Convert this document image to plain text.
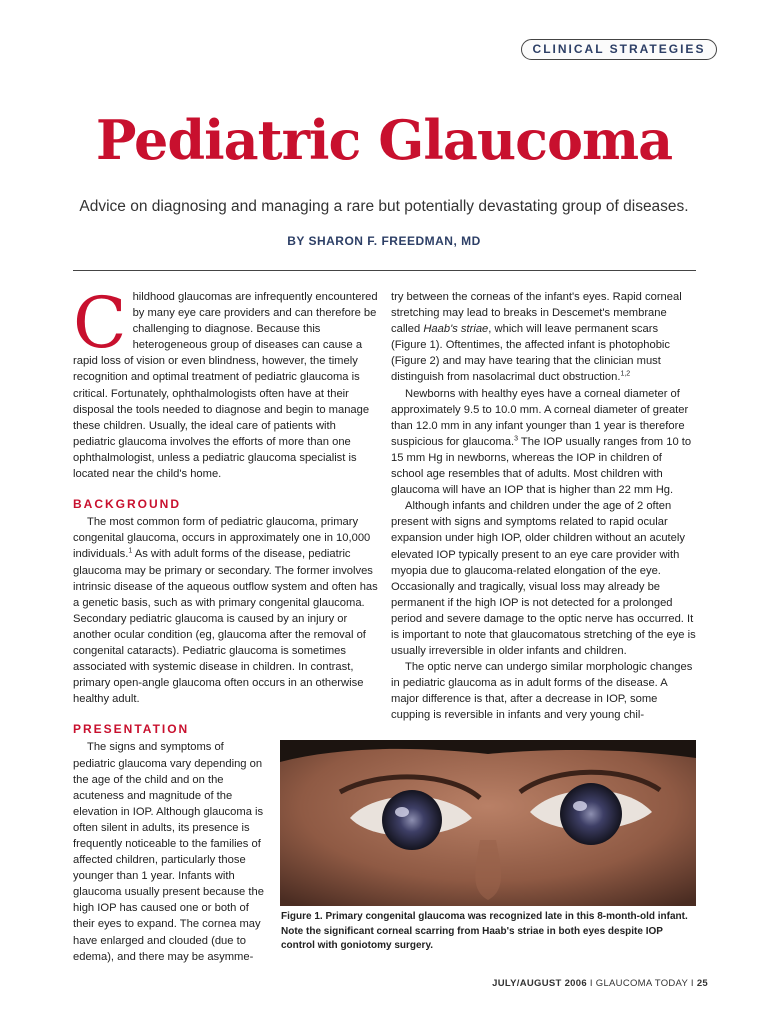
CLINICAL STRATEGIES
Pediatric Glaucoma
Advice on diagnosing and managing a rare but potentially devastating group of diseases.
BY SHARON F. FREEDMAN, MD

Childhood glaucomas are infrequently encountered by many eye care providers and can therefore be challenging to diagnose. Because this heterogeneous group of diseases can cause a rapid loss of vision or even blindness, however, the timely recognition and optimal treatment of pediatric glaucoma is critical. Fortunately, ophthalmologists often have at their disposal the tools needed to diagnose and begin to manage these children. Usually, the ideal care of patients with pediatric glaucoma involves the efforts of more than one ophthalmologist, unless a pediatric glaucoma specialist is located near the child's home.

BACKGROUND

The most common form of pediatric glaucoma, primary congenital glaucoma, occurs in approximately one in 10,000 individuals.$^1$ As with adult forms of the disease, pediatric glaucoma may be primary or secondary. The former involves intrinsic disease of the aqueous outflow system and often has a genetic basis, such as with primary congenital glaucoma. Secondary pediatric glaucoma is caused by an injury or another ocular condition (eg, glaucoma after the removal of congenital cataracts). Pediatric glaucoma is sometimes associated with systemic disease in children. In contrast, primary open-angle glaucoma often occurs in an otherwise healthy adult.

PRESENTATION

The signs and symptoms of pediatric glaucoma vary depending on the age of the child and on the acuteness and magnitude of the elevation in IOP. Although glaucoma is often silent in adults, its presence is frequently noticeable to the families of affected children, particularly those younger than 1 year. Infants with glaucoma usually present because the high IOP has caused one or both of their eyes to expand. The cornea may have enlarged and clouded (due to edema), and there may be asymme-

try between the corneas of the infant's eyes. Rapid corneal stretching may lead to breaks in Descemet's membrane called Haab's striae, which will leave permanent scars (Figure 1). Oftentimes, the affected infant is photophobic (Figure 2) and may have tearing that the clinician must distinguish from nasolacrimal duct obstruction.$^{1,2}$

Newborns with healthy eyes have a corneal diameter of approximately 9.5 to 10.0 mm. A corneal diameter of greater than 12.0 mm in any infant younger than 1 year is therefore suspicious for glaucoma.$^3$ The IOP usually ranges from 10 to 15 mm Hg in newborns, whereas the IOP in children of school age resembles that of adults. Most children with glaucoma will have an IOP that is higher than 22 mm Hg.

Although infants and children under the age of 2 often present with signs and symptoms related to rapid ocular expansion under high IOP, older children without an acutely elevated IOP typically present to an eye care provider with myopia due to glaucoma-related elongation of the eye. Occasionally and tragically, visual loss may already be permanent if the high IOP is not detected for a prolonged period and severe damage to the optic nerve has occurred. It is important to note that glaucomatous stretching of the eye is usually irreversible in older infants and children.

The optic nerve can undergo similar morphologic changes in pediatric glaucoma as in adult forms of the disease. A major difference is that, after a decrease in IOP, some cupping is reversible in infants and very young chil-

Figure 1. Primary congenital glaucoma was recognized late in this 8-month-old infant. Note the significant corneal scarring from Haab's striae in both eyes despite IOP control with goniotomy surgery.
JULY/AUGUST 2006 I GLAUCOMA TODAY I 25
